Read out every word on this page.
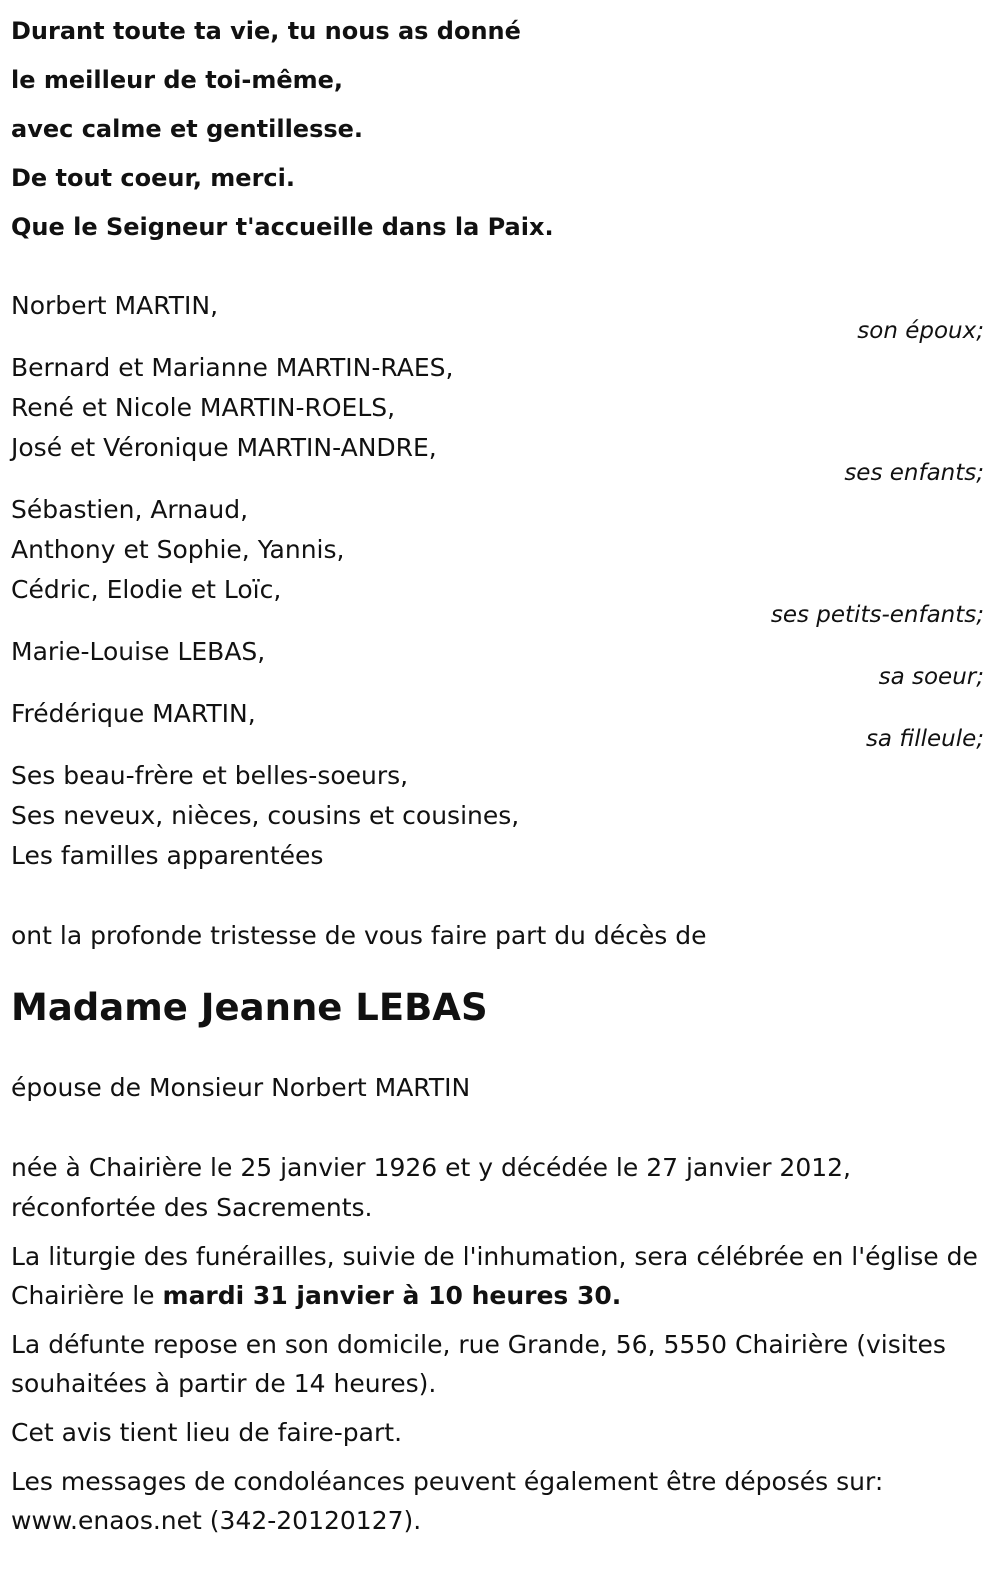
Durant toute ta vie, tu nous as donné
le meilleur de toi-même,
avec calme et gentillesse.
De tout coeur, merci.
Que le Seigneur t'accueille dans la Paix.
Norbert MARTIN,
son époux;
Bernard et Marianne MARTIN-RAES,
René et Nicole MARTIN-ROELS,
José et Véronique MARTIN-ANDRE,
ses enfants;
Sébastien, Arnaud,
Anthony et Sophie, Yannis,
Cédric, Elodie et Loïc,
ses petits-enfants;
Marie-Louise LEBAS,
sa soeur;
Frédérique MARTIN,
sa filleule;
Ses beau-frère et belles-soeurs,
Ses neveux, nièces, cousins et cousines,
Les familles apparentées
ont la profonde tristesse de vous faire part du décès de
Madame Jeanne LEBAS
épouse de Monsieur Norbert MARTIN
née à Chairière le 25 janvier 1926 et y décédée le 27 janvier 2012,
réconfortée des Sacrements.
La liturgie des funérailles, suivie de l'inhumation, sera célébrée en l'église de Chairière le mardi 31 janvier à 10 heures 30.
La défunte repose en son domicile, rue Grande, 56, 5550 Chairière (visites souhaitées à partir de 14 heures).
Cet avis tient lieu de faire-part.
Les messages de condoléances peuvent également être déposés sur: www.enaos.net (342-20120127).
